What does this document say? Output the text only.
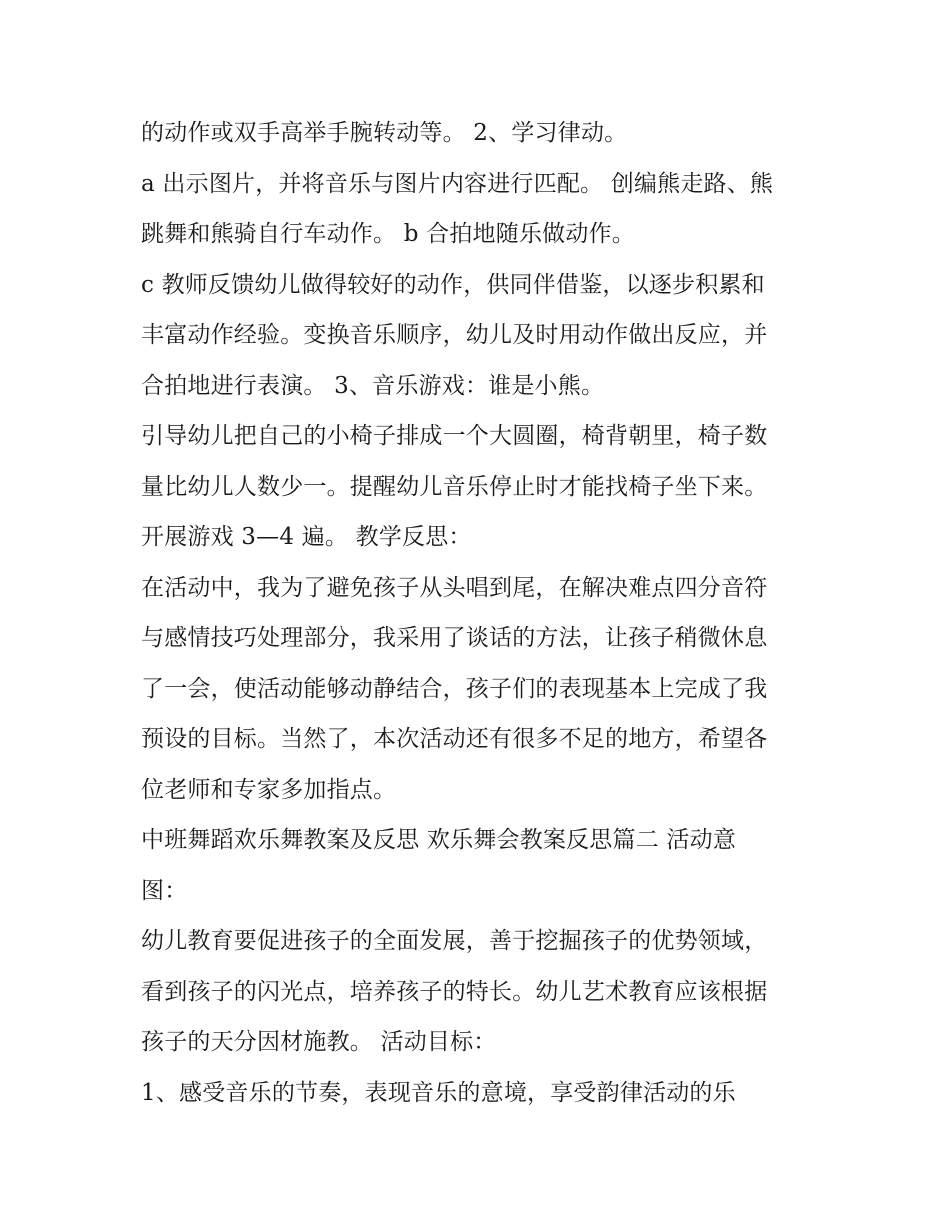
的动作或双手高举手腕转动等。 2、学习律动。
a 出示图片，并将音乐与图片内容进行匹配。 创编熊走路、熊
跳舞和熊骑自行车动作。 b 合拍地随乐做动作。
c 教师反馈幼儿做得较好的动作，供同伴借鉴，以逐步积累和
丰富动作经验。变换音乐顺序，幼儿及时用动作做出反应，并
合拍地进行表演。 3、音乐游戏：谁是小熊。
引导幼儿把自己的小椅子排成一个大圆圈，椅背朝里，椅子数
量比幼儿人数少一。提醒幼儿音乐停止时才能找椅子坐下来。
开展游戏 3—4 遍。 教学反思：
在活动中，我为了避免孩子从头唱到尾，在解决难点四分音符
与感情技巧处理部分，我采用了谈话的方法，让孩子稍微休息
了一会，使活动能够动静结合，孩子们的表现基本上完成了我
预设的目标。当然了，本次活动还有很多不足的地方，希望各
位老师和专家多加指点。
中班舞蹈欢乐舞教案及反思 欢乐舞会教案反思篇二 活动意
图：
幼儿教育要促进孩子的全面发展，善于挖掘孩子的优势领域，
看到孩子的闪光点，培养孩子的特长。幼儿艺术教育应该根据
孩子的天分因材施教。 活动目标：
1、感受音乐的节奏，表现音乐的意境，享受韵律活动的乐
